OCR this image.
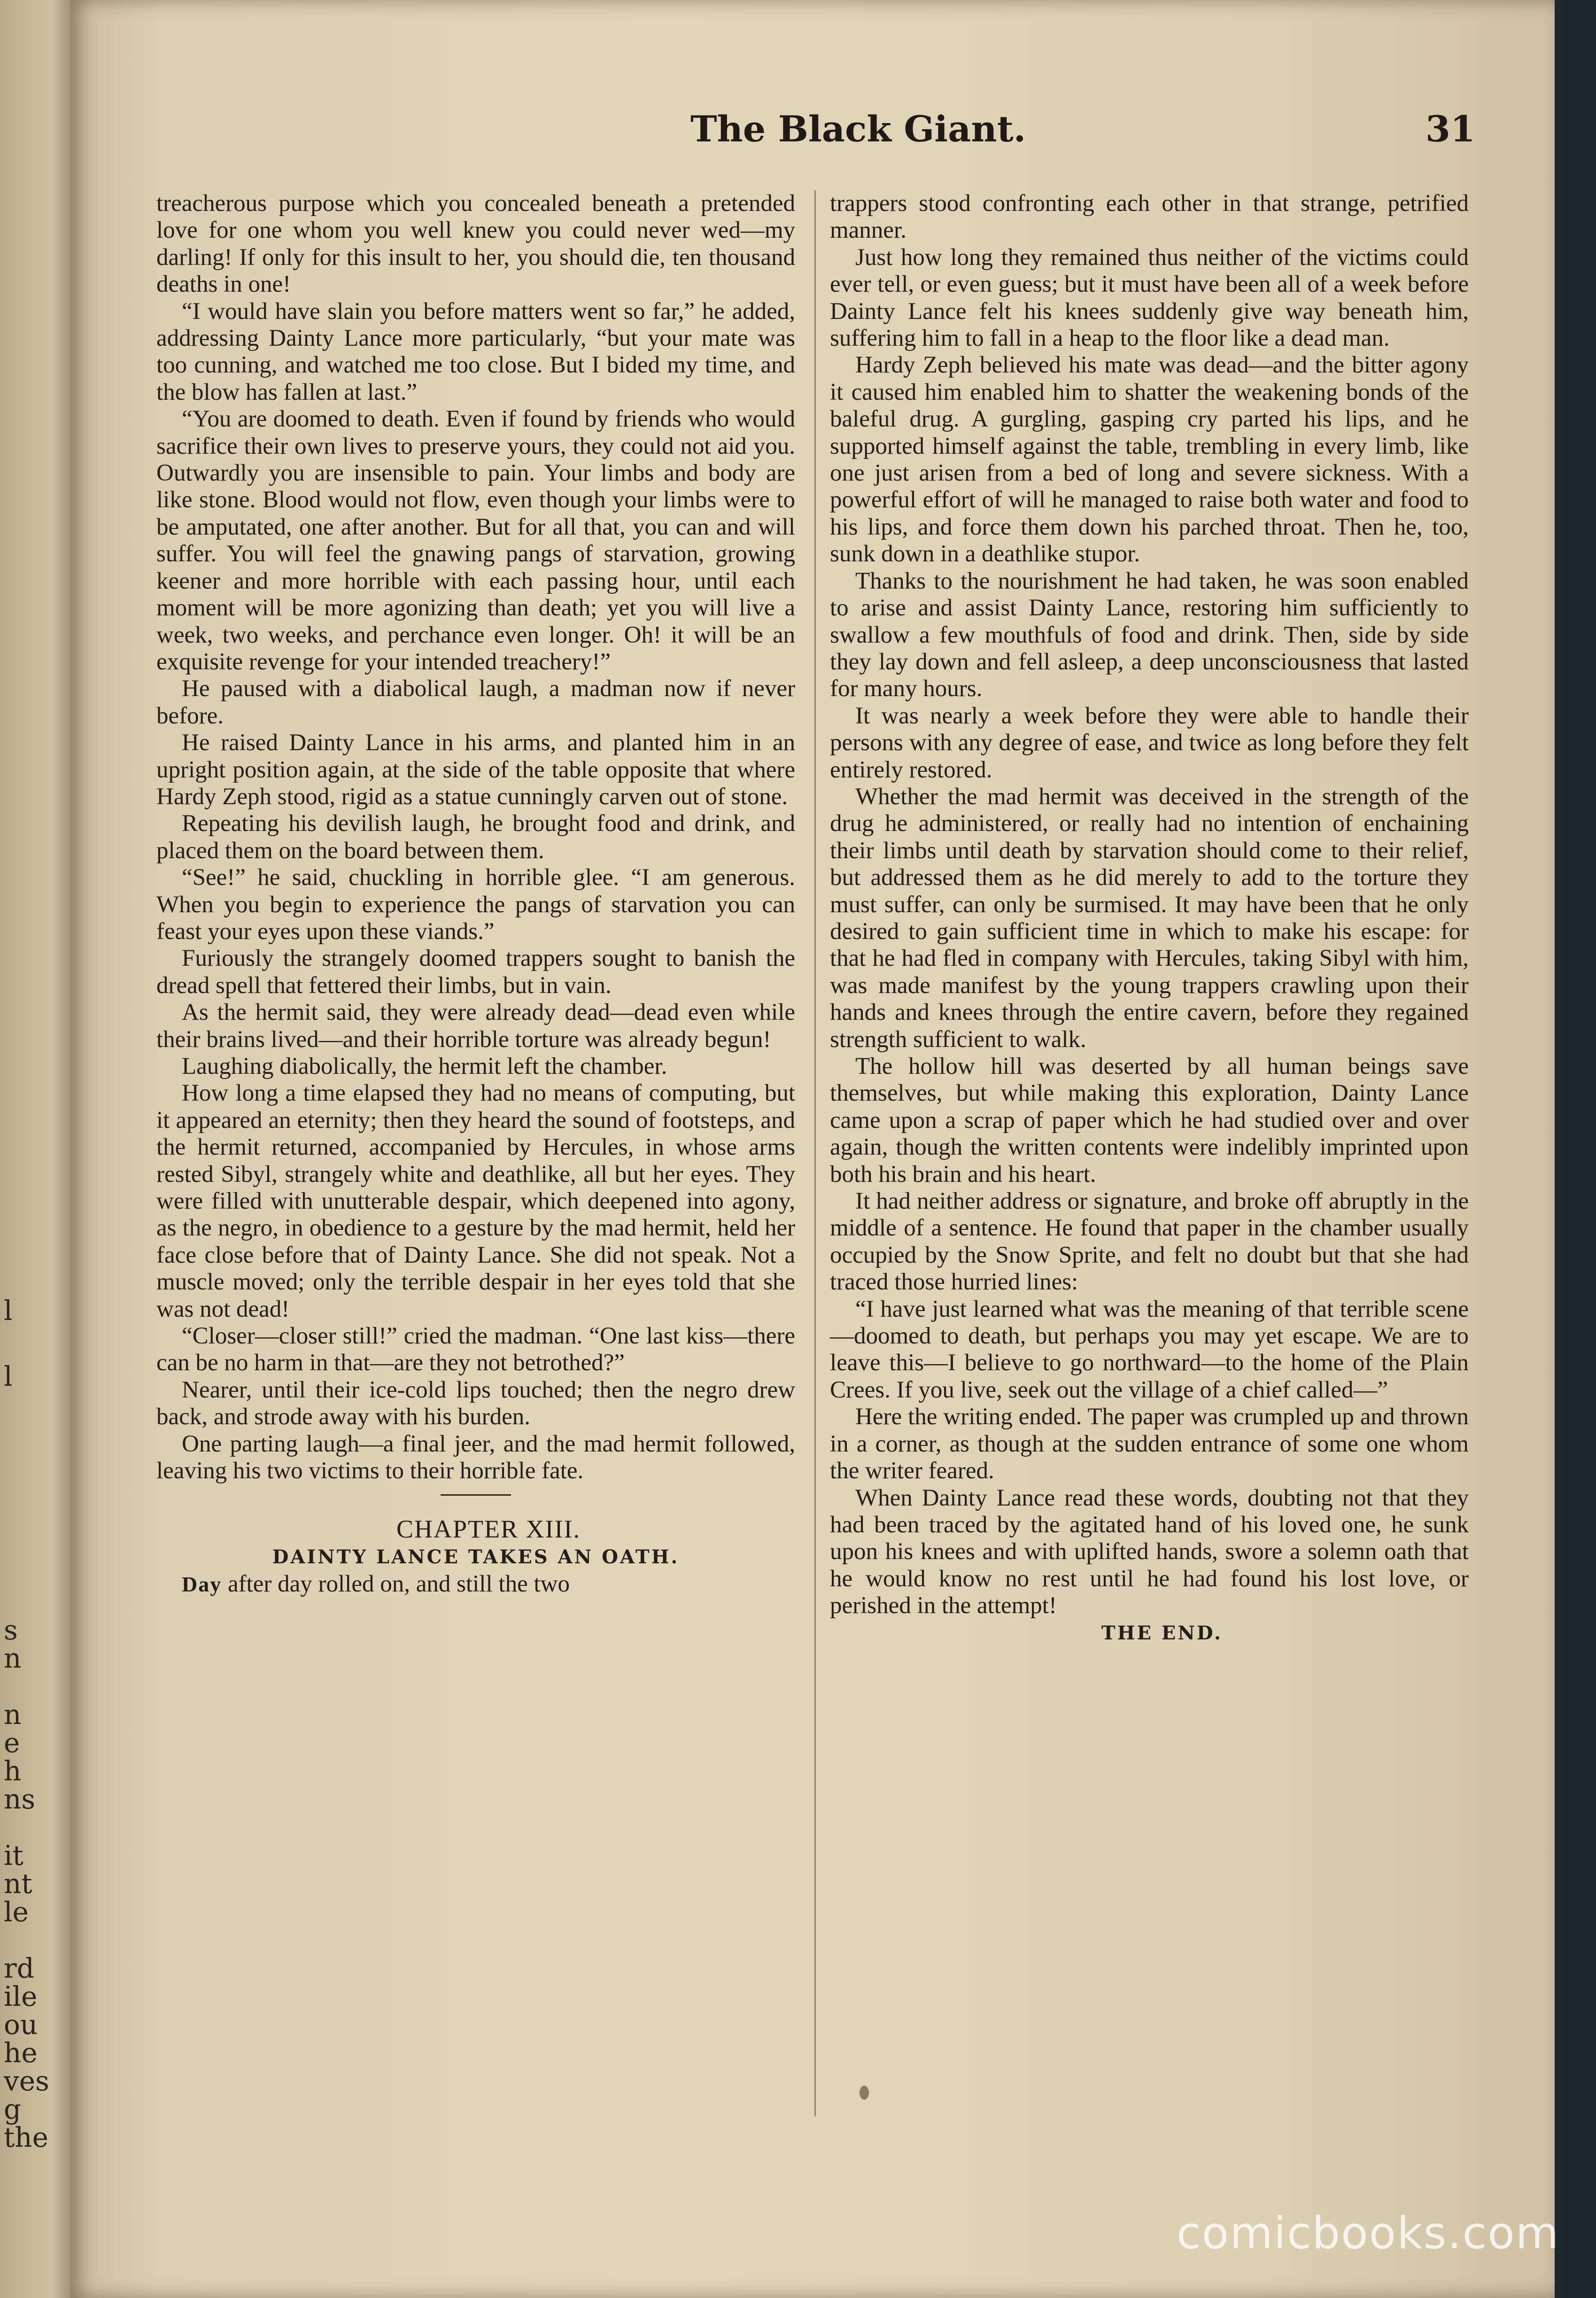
l
l
s
n
n
e
h
ns
it
nt
le
rd
ile
ou
he
ves
g
the
The Black Giant.	31

treacherous purpose which you concealed beneath a pretended love for one whom you well knew you could never wed—my darling! If only for this insult to her, you should die, ten thousand deaths in one!

“I would have slain you before matters went so far,” he added, addressing Dainty Lance more particularly, “but your mate was too cunning, and watched me too close. But I bided my time, and the blow has fallen at last.”

“You are doomed to death. Even if found by friends who would sacrifice their own lives to preserve yours, they could not aid you. Outwardly you are insensible to pain. Your limbs and body are like stone. Blood would not flow, even though your limbs were to be amputated, one after another. But for all that, you can and will suffer. You will feel the gnawing pangs of starvation, growing keener and more horrible with each passing hour, until each moment will be more agonizing than death; yet you will live a week, two weeks, and perchance even longer. Oh! it will be an exquisite revenge for your intended treachery!”

He paused with a diabolical laugh, a madman now if never before.

He raised Dainty Lance in his arms, and planted him in an upright position again, at the side of the table opposite that where Hardy Zeph stood, rigid as a statue cunningly carven out of stone.

Repeating his devilish laugh, he brought food and drink, and placed them on the board between them.

“See!” he said, chuckling in horrible glee. “I am generous. When you begin to experience the pangs of starvation you can feast your eyes upon these viands.”

Furiously the strangely doomed trappers sought to banish the dread spell that fettered their limbs, but in vain.

As the hermit said, they were already dead—dead even while their brains lived—and their horrible torture was already begun!

Laughing diabolically, the hermit left the chamber.

How long a time elapsed they had no means of computing, but it appeared an eternity; then they heard the sound of footsteps, and the hermit returned, accompanied by Hercules, in whose arms rested Sibyl, strangely white and deathlike, all but her eyes. They were filled with unutterable despair, which deepened into agony, as the negro, in obedience to a gesture by the mad hermit, held her face close before that of Dainty Lance. She did not speak. Not a muscle moved; only the terrible despair in her eyes told that she was not dead!

“Closer—closer still!” cried the madman. “One last kiss—there can be no harm in that—are they not betrothed?”

Nearer, until their ice-cold lips touched; then the negro drew back, and strode away with his burden.

One parting laugh—a final jeer, and the mad hermit followed, leaving his two victims to their horrible fate.

CHAPTER XIII.

DAINTY LANCE TAKES AN OATH.

Day after day rolled on, and still the two

trappers stood confronting each other in that strange, petrified manner.

Just how long they remained thus neither of the victims could ever tell, or even guess; but it must have been all of a week before Dainty Lance felt his knees suddenly give way beneath him, suffering him to fall in a heap to the floor like a dead man.

Hardy Zeph believed his mate was dead—and the bitter agony it caused him enabled him to shatter the weakening bonds of the baleful drug. A gurgling, gasping cry parted his lips, and he supported himself against the table, trembling in every limb, like one just arisen from a bed of long and severe sickness. With a powerful effort of will he managed to raise both water and food to his lips, and force them down his parched throat. Then he, too, sunk down in a deathlike stupor.

Thanks to the nourishment he had taken, he was soon enabled to arise and assist Dainty Lance, restoring him sufficiently to swallow a few mouthfuls of food and drink. Then, side by side they lay down and fell asleep, a deep unconsciousness that lasted for many hours.

It was nearly a week before they were able to handle their persons with any degree of ease, and twice as long before they felt entirely restored.

Whether the mad hermit was deceived in the strength of the drug he administered, or really had no intention of enchaining their limbs until death by starvation should come to their relief, but addressed them as he did merely to add to the torture they must suffer, can only be surmised. It may have been that he only desired to gain sufficient time in which to make his escape: for that he had fled in company with Hercules, taking Sibyl with him, was made manifest by the young trappers crawling upon their hands and knees through the entire cavern, before they regained strength sufficient to walk.

The hollow hill was deserted by all human beings save themselves, but while making this exploration, Dainty Lance came upon a scrap of paper which he had studied over and over again, though the written contents were indelibly imprinted upon both his brain and his heart.

It had neither address or signature, and broke off abruptly in the middle of a sentence. He found that paper in the chamber usually occupied by the Snow Sprite, and felt no doubt but that she had traced those hurried lines:

“I have just learned what was the meaning of that terrible scene—doomed to death, but perhaps you may yet escape. We are to leave this—I believe to go northward—to the home of the Plain Crees. If you live, seek out the village of a chief called—”

Here the writing ended. The paper was crumpled up and thrown in a corner, as though at the sudden entrance of some one whom the writer feared.

When Dainty Lance read these words, doubting not that they had been traced by the agitated hand of his loved one, he sunk upon his knees and with uplifted hands, swore a solemn oath that he would know no rest until he had found his lost love, or perished in the attempt!

THE END.

comicbooks.com
